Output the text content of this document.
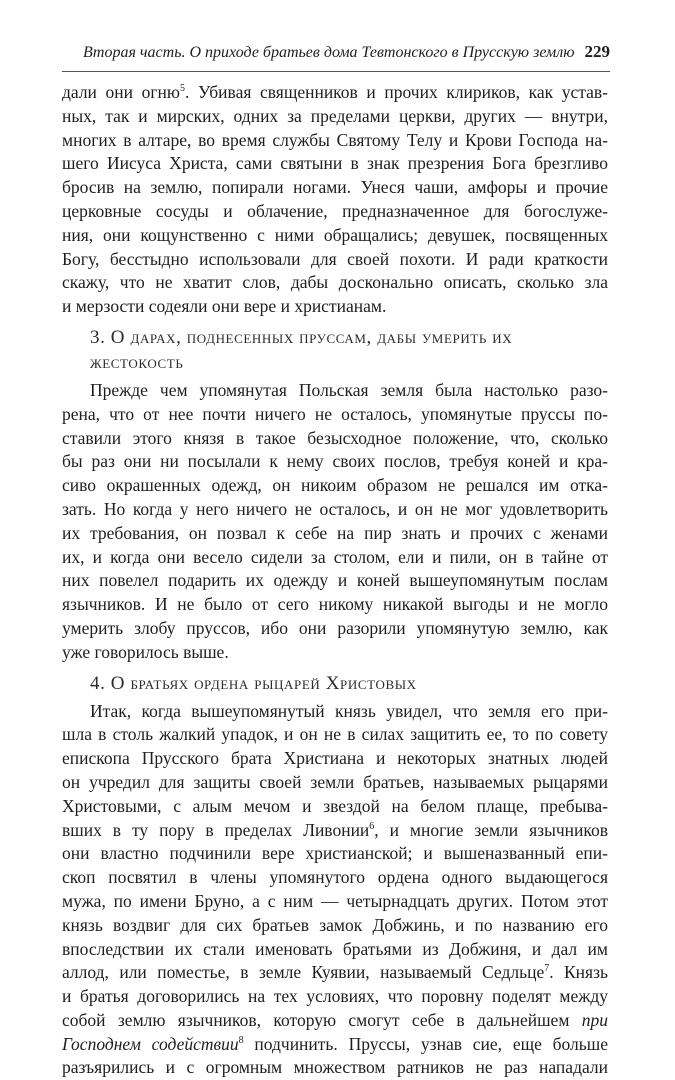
Вторая часть. О приходе братьев дома Тевтонского в Прусскую землю 229
дали они огню$^5$. Убивая священников и прочих клириков, как устав-
ных, так и мирских, одних за пределами церкви, других — внутри,
многих в алтаре, во время службы Святому Телу и Крови Господа на-
шего Иисуса Христа, сами святыни в знак презрения Бога брезгливо
бросив на землю, попирали ногами. Унеся чаши, амфоры и прочие
церковные сосуды и облачение, предназначенное для богослуже-
ния, они кощунственно с ними обращались; девушек, посвященных
Богу, бесстыдно использовали для своей похоти. И ради краткости
скажу, что не хватит слов, дабы досконально описать, сколько зла
и мерзости содеяли они вере и христианам.
3. О дарах, поднесенных пруссам, дабы умерить их
жестокость
Прежде чем упомянутая Польская земля была настолько разо-
рена, что от нее почти ничего не осталось, упомянутые пруссы по-
ставили этого князя в такое безысходное положение, что, сколько
бы раз они ни посылали к нему своих послов, требуя коней и кра-
сиво окрашенных одежд, он никоим образом не решался им отка-
зать. Но когда у него ничего не осталось, и он не мог удовлетворить
их требования, он позвал к себе на пир знать и прочих с женами
их, и когда они весело сидели за столом, ели и пили, он в тайне от
них повелел подарить их одежду и коней вышеупомянутым послам
язычников. И не было от сего никому никакой выгоды и не могло
умерить злобу пруссов, ибо они разорили упомянутую землю, как
уже говорилось выше.
4. О братьях ордена рыцарей Христовых
Итак, когда вышеупомянутый князь увидел, что земля его при-
шла в столь жалкий упадок, и он не в силах защитить ее, то по совету
епископа Прусского брата Христиана и некоторых знатных людей
он учредил для защиты своей земли братьев, называемых рыцарями
Христовыми, с алым мечом и звездой на белом плаще, пребыва-
вших в ту пору в пределах Ливонии$^6$, и многие земли язычников
они властно подчинили вере христианской; и вышеназванный епи-
скоп посвятил в члены упомянутого ордена одного выдающегося
мужа, по имени Бруно, а с ним — четырнадцать других. Потом этот
князь воздвиг для сих братьев замок Добжинь, и по названию его
впоследствии их стали именовать братьями из Добжиня, и дал им
аллод, или поместье, в земле Куявии, называемый Седльце$^7$. Князь
и братья договорились на тех условиях, что поровну поделят между
собой землю язычников, которую смогут себе в дальнейшем при
Господнем содействии$^8$ подчинить. Пруссы, узнав сие, еще больше
разъярились и с огромным множеством ратников не раз нападали
